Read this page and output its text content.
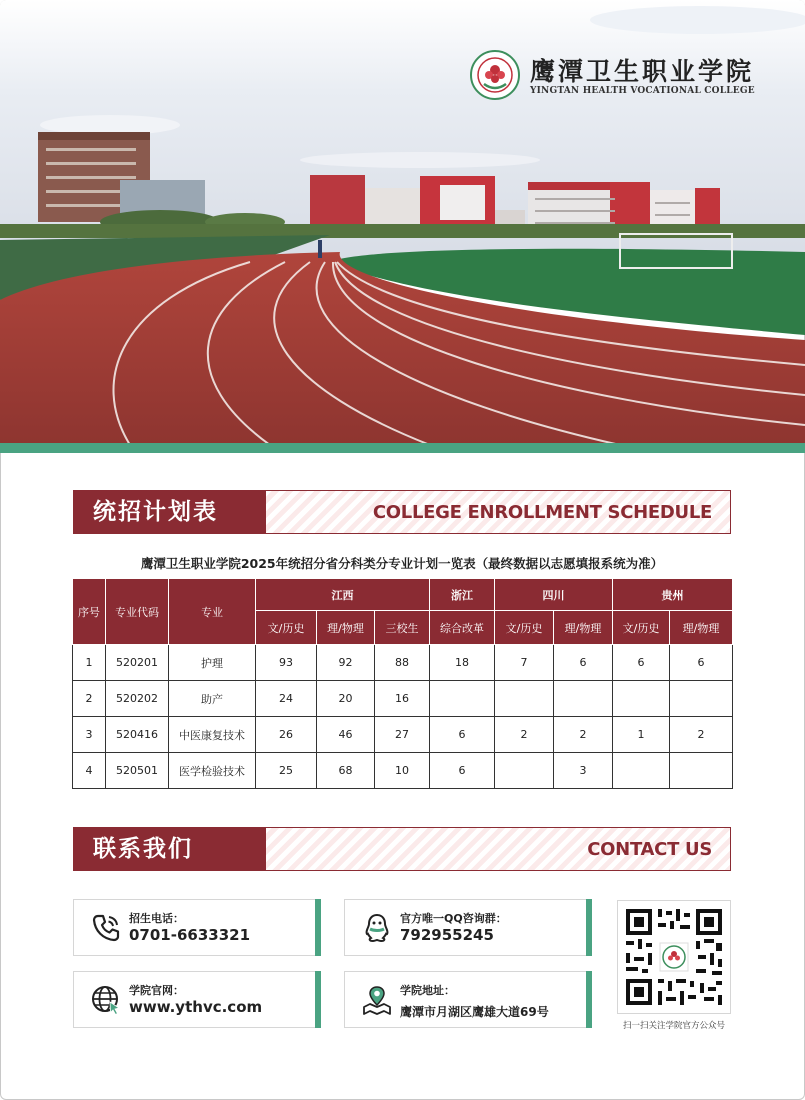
鹰潭卫生职业学院
YINGTAN HEALTH VOCATIONAL COLLEGE
统招计划表	COLLEGE ENROLLMENT SCHEDULE
鹰潭卫生职业学院2025年统招分省分科类分专业计划一览表（最终数据以志愿填报系统为准）
序号	专业代码	专业	江西			浙江	四川		贵州	
			文/历史	理/物理	三校生	综合改革	文/历史	理/物理	文/历史	理/物理
1	520201	护理	93	92	88	18	7	6	6	6
2	520202	助产	24	20	16					
3	520416	中医康复技术	26	46	27	6	2	2	1	2
4	520501	医学检验技术	25	68	10	6		3		
联系我们	CONTACT US
招生电话：
0701-6633321
官方唯一QQ咨询群：
792955245
学院官网：
www.ythvc.com
学院地址：
鹰潭市月湖区鹰雄大道69号
扫一扫关注学院官方公众号
